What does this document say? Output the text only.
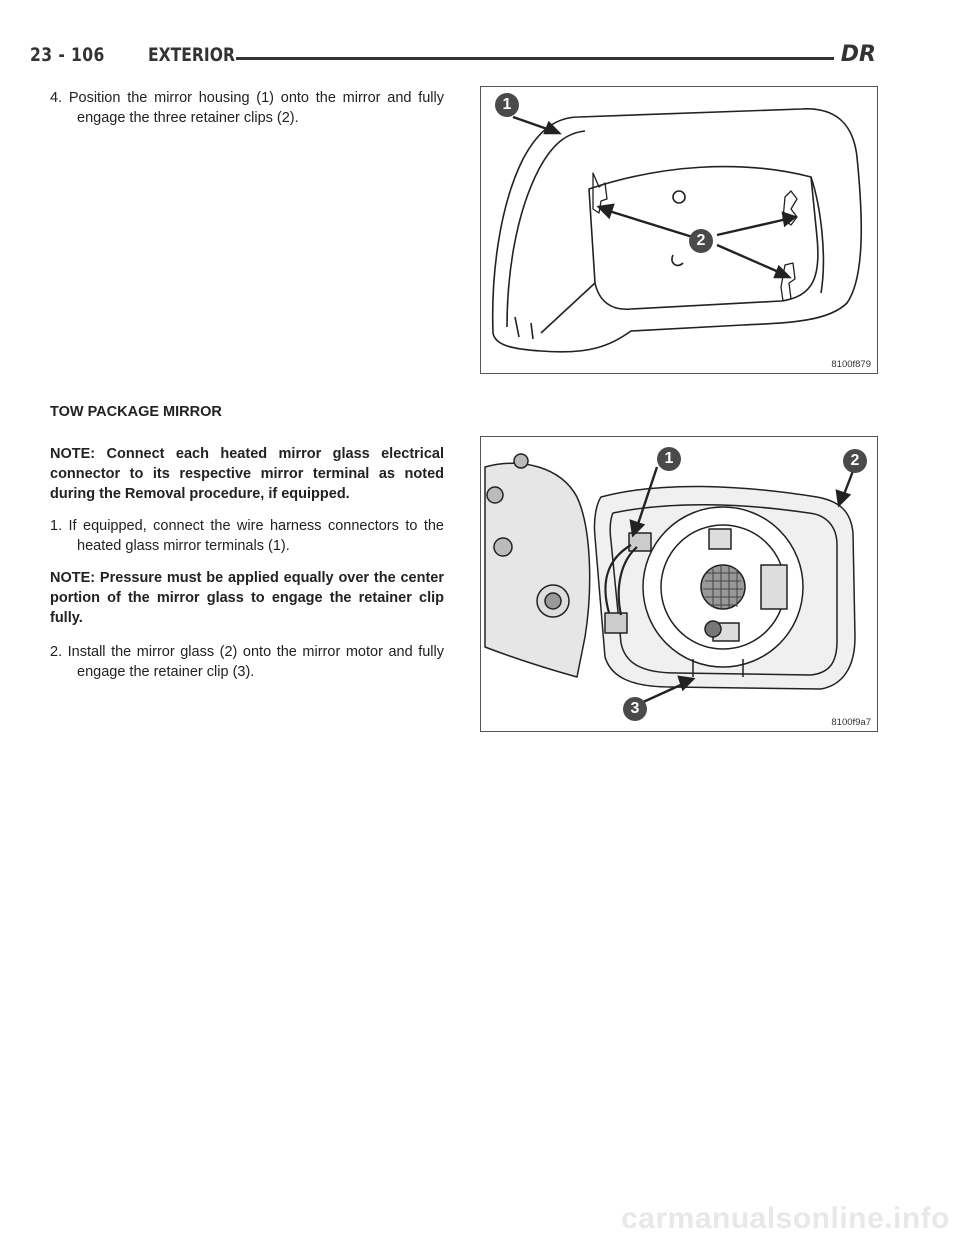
23 - 106 EXTERIOR	DR

4. Position the mirror housing (1) onto the mirror and fully engage the three retainer clips (2).

TOW PACKAGE MIRROR

NOTE: Connect each heated mirror glass electrical connector to its respective mirror terminal as noted during the Removal procedure, if equipped.

1. If equipped, connect the wire harness connectors to the heated glass mirror terminals (1).

NOTE: Pressure must be applied equally over the center portion of the mirror glass to engage the retainer clip fully.

2. Install the mirror glass (2) onto the mirror motor and fully engage the retainer clip (3).

1
2
8100f879
1	2
3
8100f9a7
carmanualsonline.info
